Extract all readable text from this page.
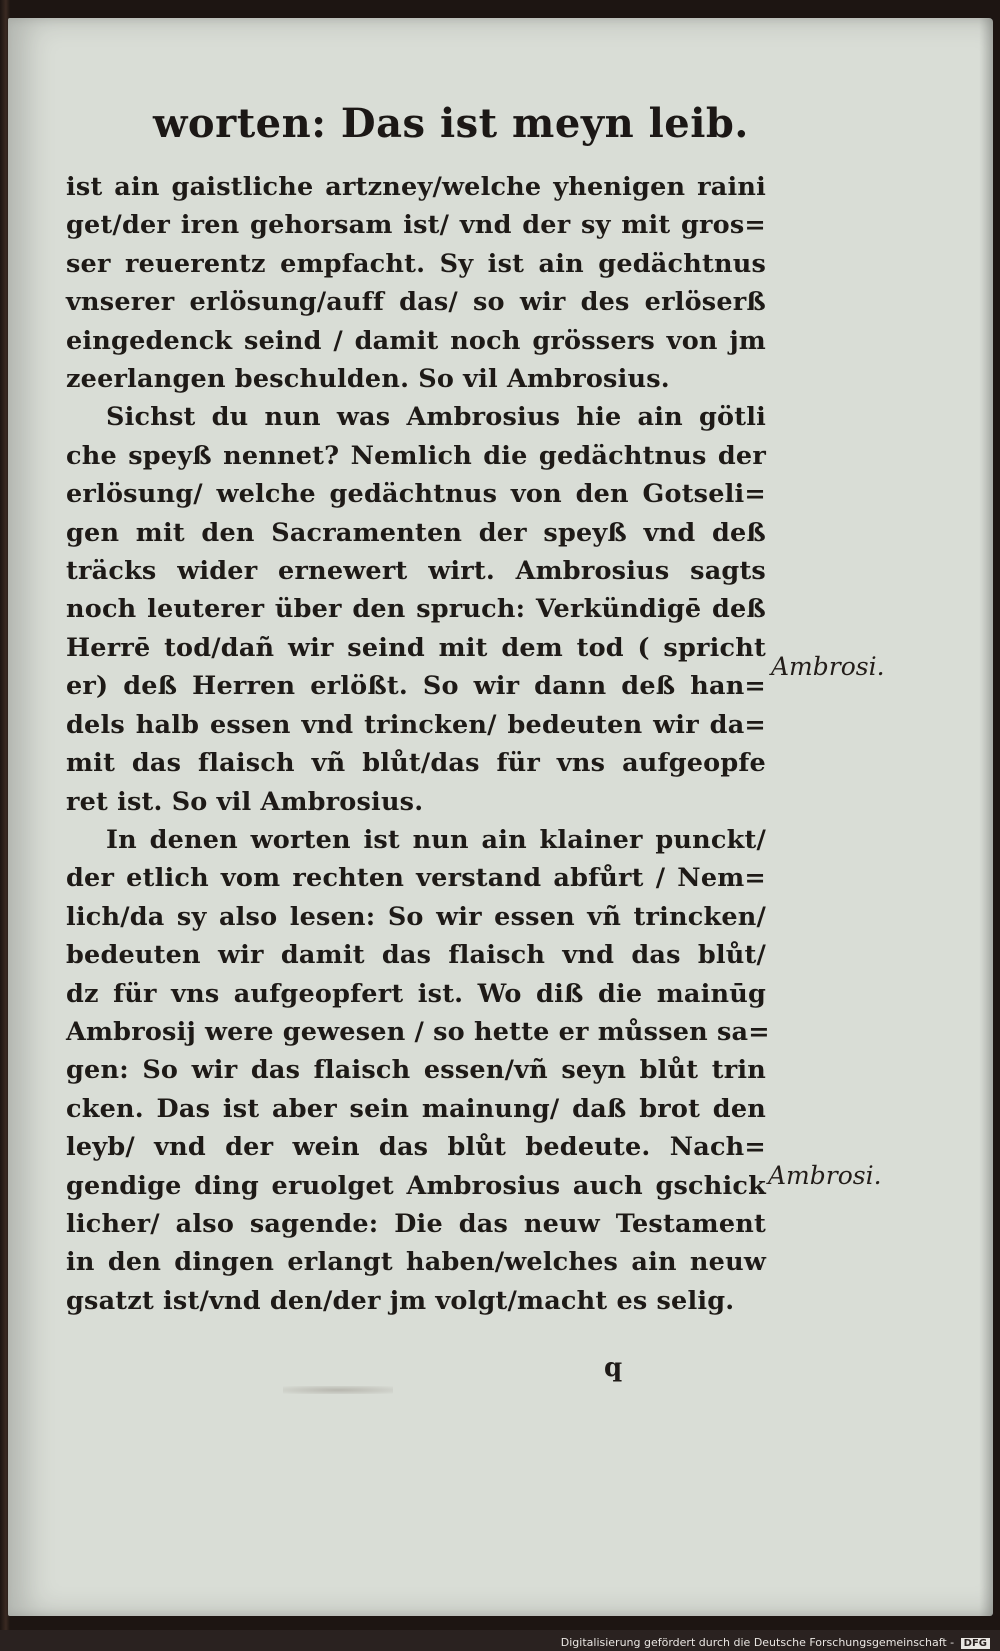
worten: Das ist meyn leib.
ist ain gaistliche artzney/welche yhenigen raini
get/der iren gehorsam ist/ vnd der sy mit gros=
ser reuerentz empfacht. Sy ist ain gedächtnus
vnserer erlösung/auff das/ so wir des erlöserß
eingedenck seind / damit noch grössers von jm
zeerlangen beschulden. So vil Ambrosius.
Sichst du nun was Ambrosius hie ain götli
che speyß nennet? Nemlich die gedächtnus der
erlösung/ welche gedächtnus von den Gotseli=
gen mit den Sacramenten der speyß vnd deß
träcks wider ernewert wirt. Ambrosius sagts
noch leuterer über den spruch: Verkündigē deß
Herrē tod/dañ wir seind mit dem tod ( spricht
er) deß Herren erlößt. So wir dann deß han=
dels halb essen vnd trincken/ bedeuten wir da=
mit das flaisch vñ blůt/das für vns aufgeopfe
ret ist. So vil Ambrosius.
In denen worten ist nun ain klainer punckt/
der etlich vom rechten verstand abfůrt / Nem=
lich/da sy also lesen: So wir essen vñ trincken/
bedeuten wir damit das flaisch vnd das blůt/
dz für vns aufgeopfert ist. Wo diß die mainūg
Ambrosij were gewesen / so hette er můssen sa=
gen: So wir das flaisch essen/vñ seyn blůt trin
cken. Das ist aber sein mainung/ daß brot den
leyb/ vnd der wein das blůt bedeute. Nach=
gendige ding eruolget Ambrosius auch gschick
licher/ also sagende: Die das neuw Testament
in den dingen erlangt haben/welches ain neuw
gsatzt ist/vnd den/der jm volgt/macht es selig.
Ambrosi.
Ambrosi.
q
Digitalisierung gefördert durch die Deutsche Forschungsgemeinschaft - DFG
